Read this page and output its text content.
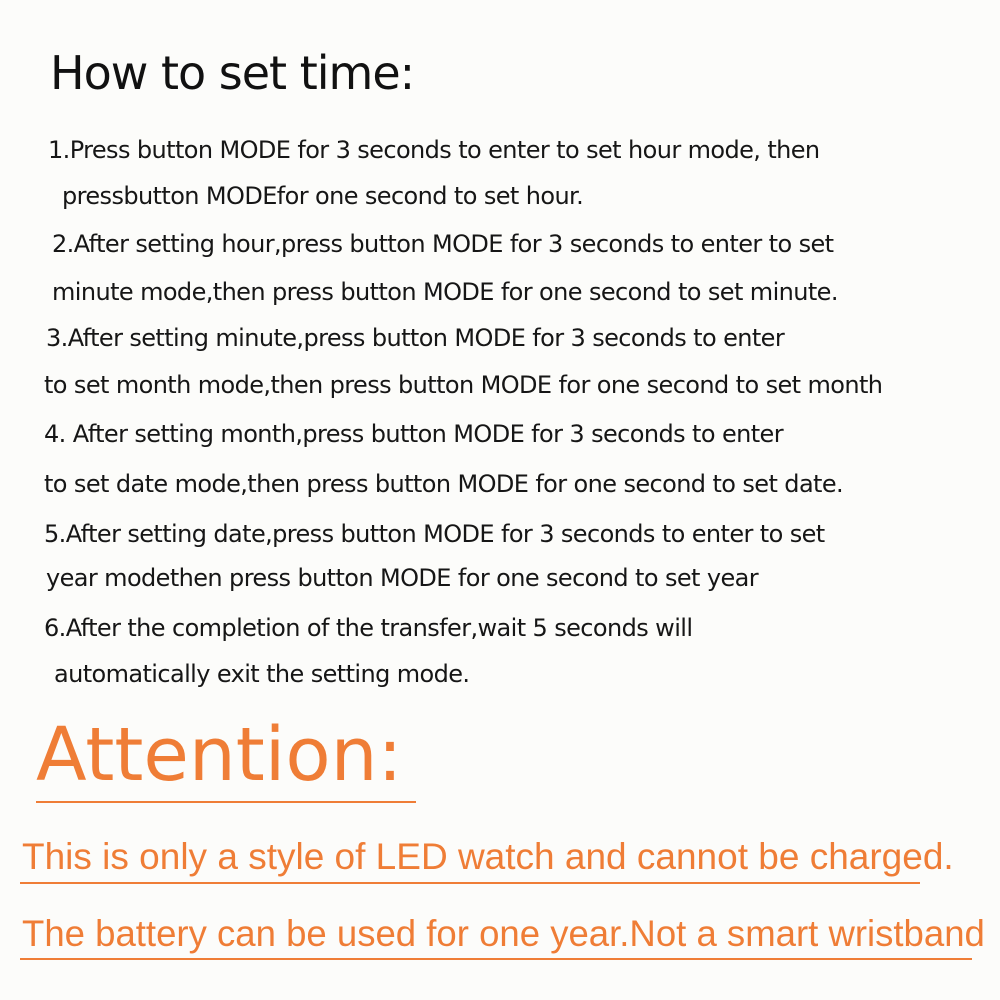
How to set time:
1.Press button MODE for 3 seconds to enter to set hour mode, then
pressbutton MODEfor one second to set hour.
2.After setting hour,press button MODE for 3 seconds to enter to set
minute mode,then press button MODE for one second to set minute.
3.After setting minute,press button MODE for 3 seconds to enter
to set month mode,then press button MODE for one second to set month
4. After setting month,press button MODE for 3 seconds to enter
to set date mode,then press button MODE for one second to set date.
5.After setting date,press button MODE for 3 seconds to enter to set
year modethen press button MODE for one second to set year
6.After the completion of the transfer,wait 5 seconds will
automatically exit the setting mode.
Attention:
This is only a style of LED watch and cannot be charged.
The battery can be used for one year.Not a smart wristband
